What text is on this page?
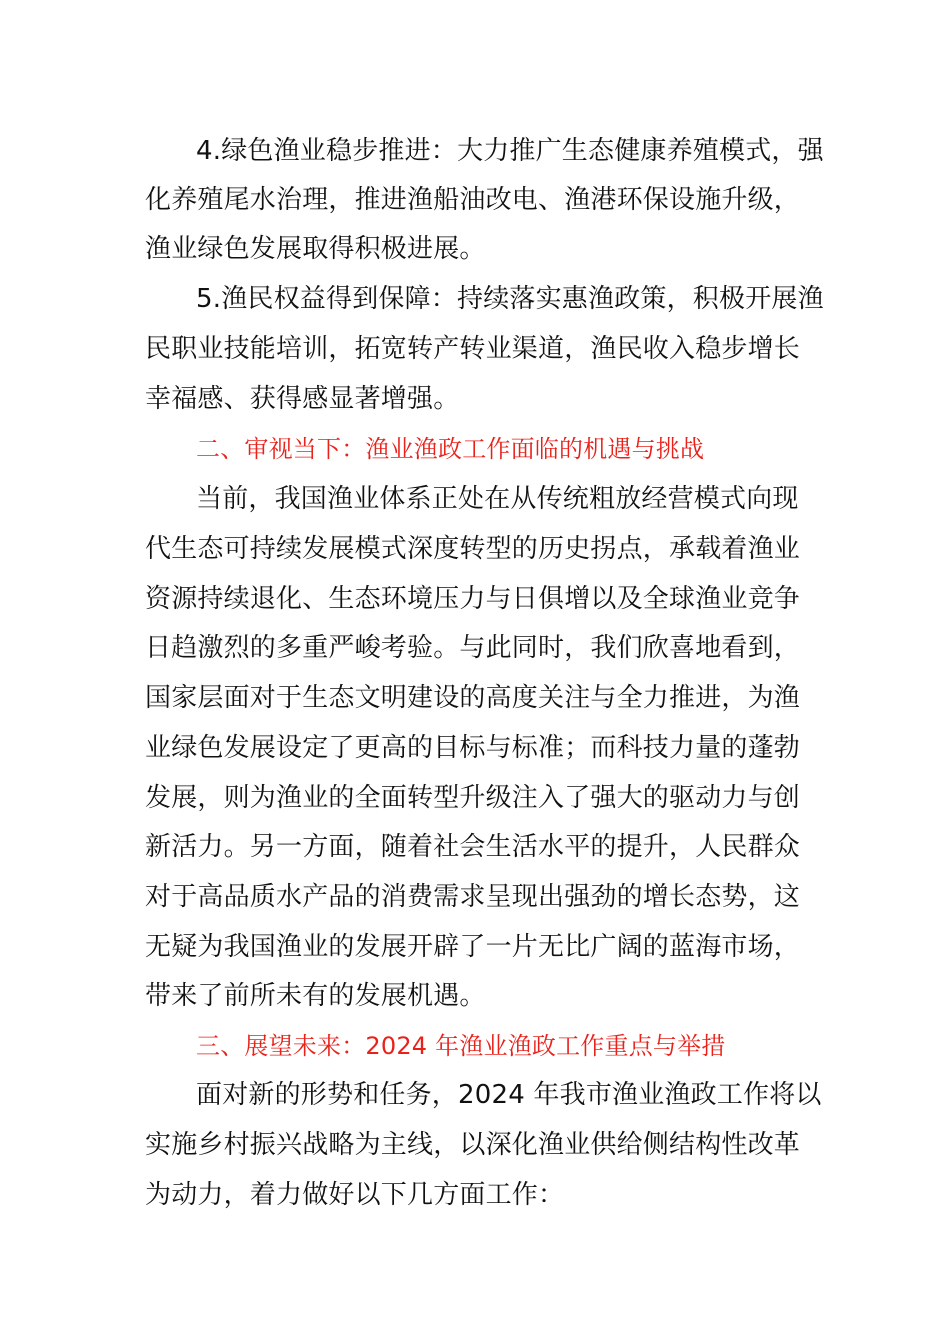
4.绿色渔业稳步推进：大力推广生态健康养殖模式，强
化养殖尾水治理，推进渔船油改电、渔港环保设施升级，
渔业绿色发展取得积极进展。
5.渔民权益得到保障：持续落实惠渔政策，积极开展渔
民职业技能培训，拓宽转产转业渠道，渔民收入稳步增长
幸福感、获得感显著增强。
二、审视当下：渔业渔政工作面临的机遇与挑战
当前，我国渔业体系正处在从传统粗放经营模式向现
代生态可持续发展模式深度转型的历史拐点，承载着渔业
资源持续退化、生态环境压力与日俱增以及全球渔业竞争
日趋激烈的多重严峻考验。与此同时，我们欣喜地看到，
国家层面对于生态文明建设的高度关注与全力推进，为渔
业绿色发展设定了更高的目标与标准；而科技力量的蓬勃
发展，则为渔业的全面转型升级注入了强大的驱动力与创
新活力。另一方面，随着社会生活水平的提升，人民群众
对于高品质水产品的消费需求呈现出强劲的增长态势，这
无疑为我国渔业的发展开辟了一片无比广阔的蓝海市场，
带来了前所未有的发展机遇。
三、展望未来：2024 年渔业渔政工作重点与举措
面对新的形势和任务，2024 年我市渔业渔政工作将以
实施乡村振兴战略为主线，以深化渔业供给侧结构性改革
为动力，着力做好以下几方面工作：
